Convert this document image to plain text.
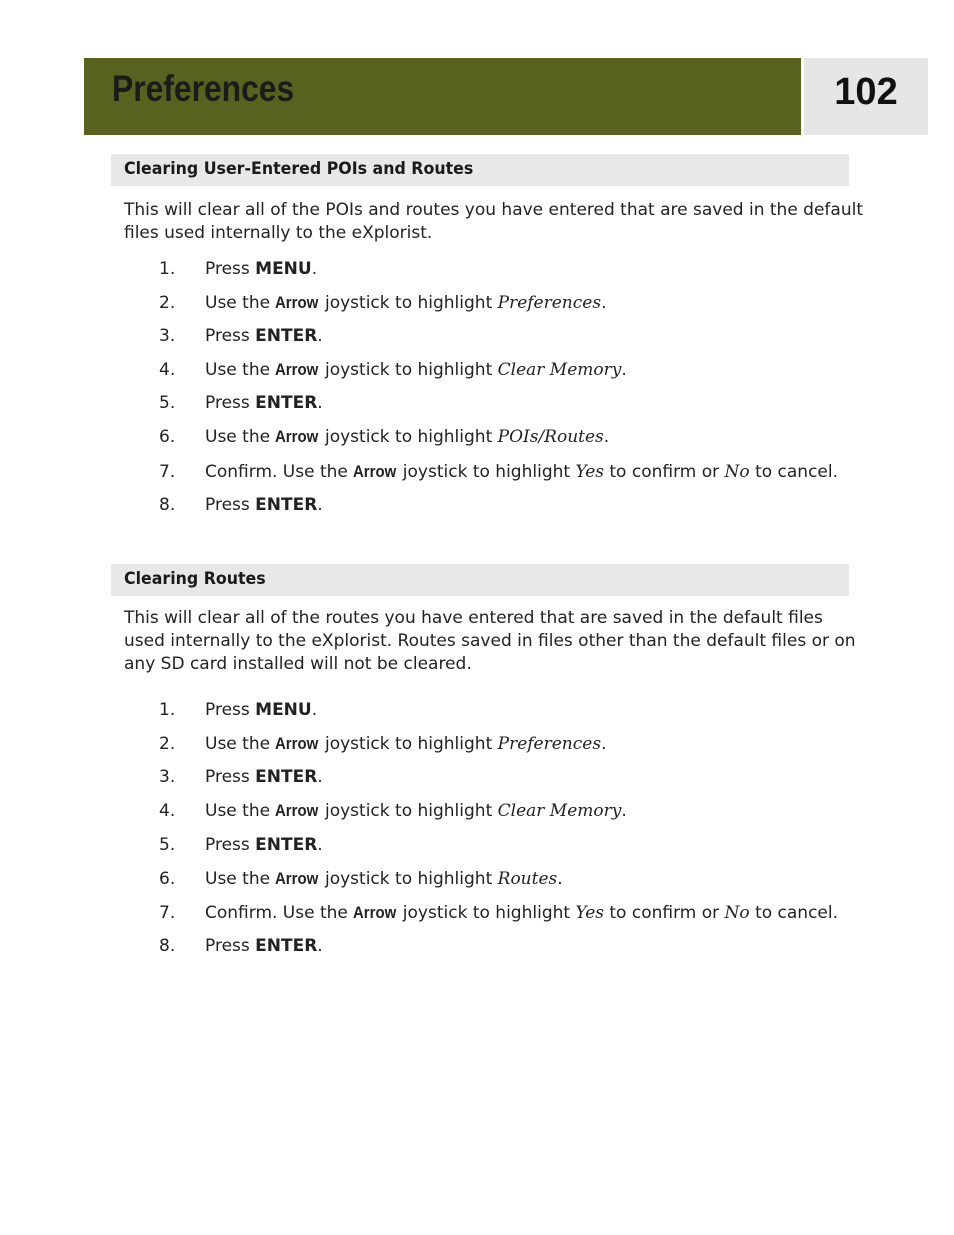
Preferences	102
Clearing User-Entered POIs and Routes

This will clear all of the POIs and routes you have entered that are saved in the default files used internally to the eXplorist.

1. Press MENU.
2. Use the Arrow joystick to highlight Preferences.
3. Press ENTER.
4. Use the Arrow joystick to highlight Clear Memory.
5. Press ENTER.
6. Use the Arrow joystick to highlight POIs/Routes.
7. Confirm. Use the Arrow joystick to highlight Yes to confirm or No to cancel.
8. Press ENTER.
Clearing Routes

This will clear all of the routes you have entered that are saved in the default files used internally to the eXplorist. Routes saved in files other than the default files or on any SD card installed will not be cleared.

1. Press MENU.
2. Use the Arrow joystick to highlight Preferences.
3. Press ENTER.
4. Use the Arrow joystick to highlight Clear Memory.
5. Press ENTER.
6. Use the Arrow joystick to highlight Routes.
7. Confirm. Use the Arrow joystick to highlight Yes to confirm or No to cancel.
8. Press ENTER.
